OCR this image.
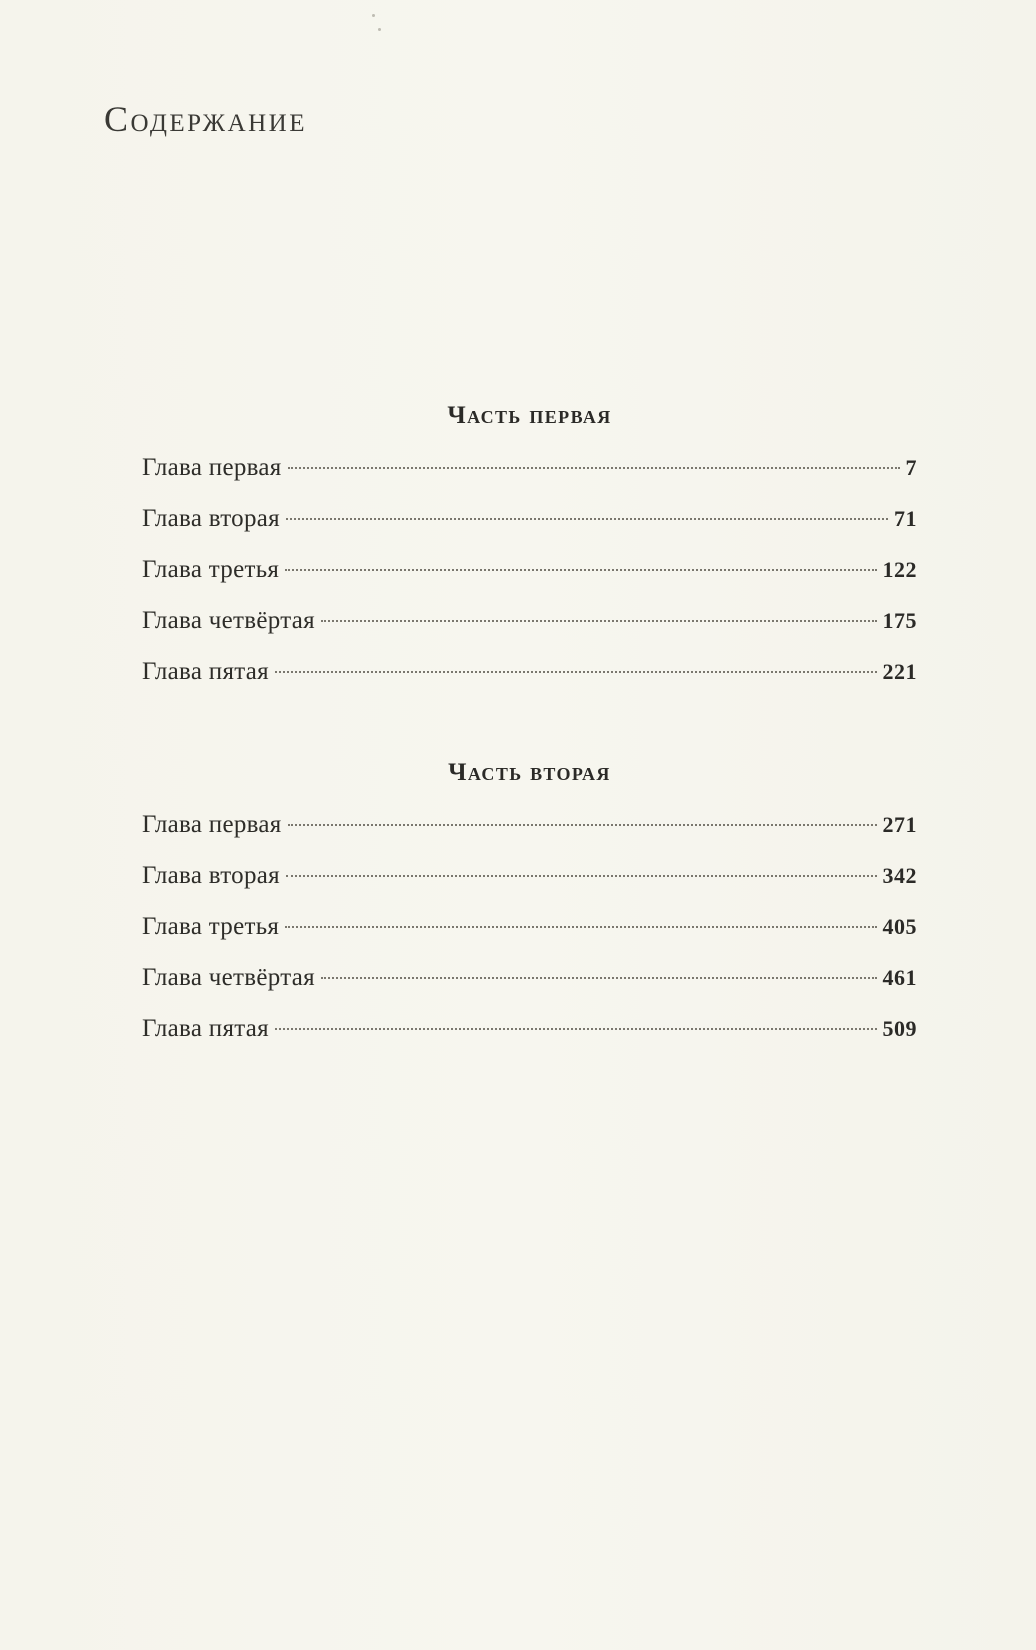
Содержание
Часть первая
Глава первая	7
Глава вторая	71
Глава третья	122
Глава четвёртая	175
Глава пятая	221
Часть вторая
Глава первая	271
Глава вторая	342
Глава третья	405
Глава четвёртая	461
Глава пятая	509
